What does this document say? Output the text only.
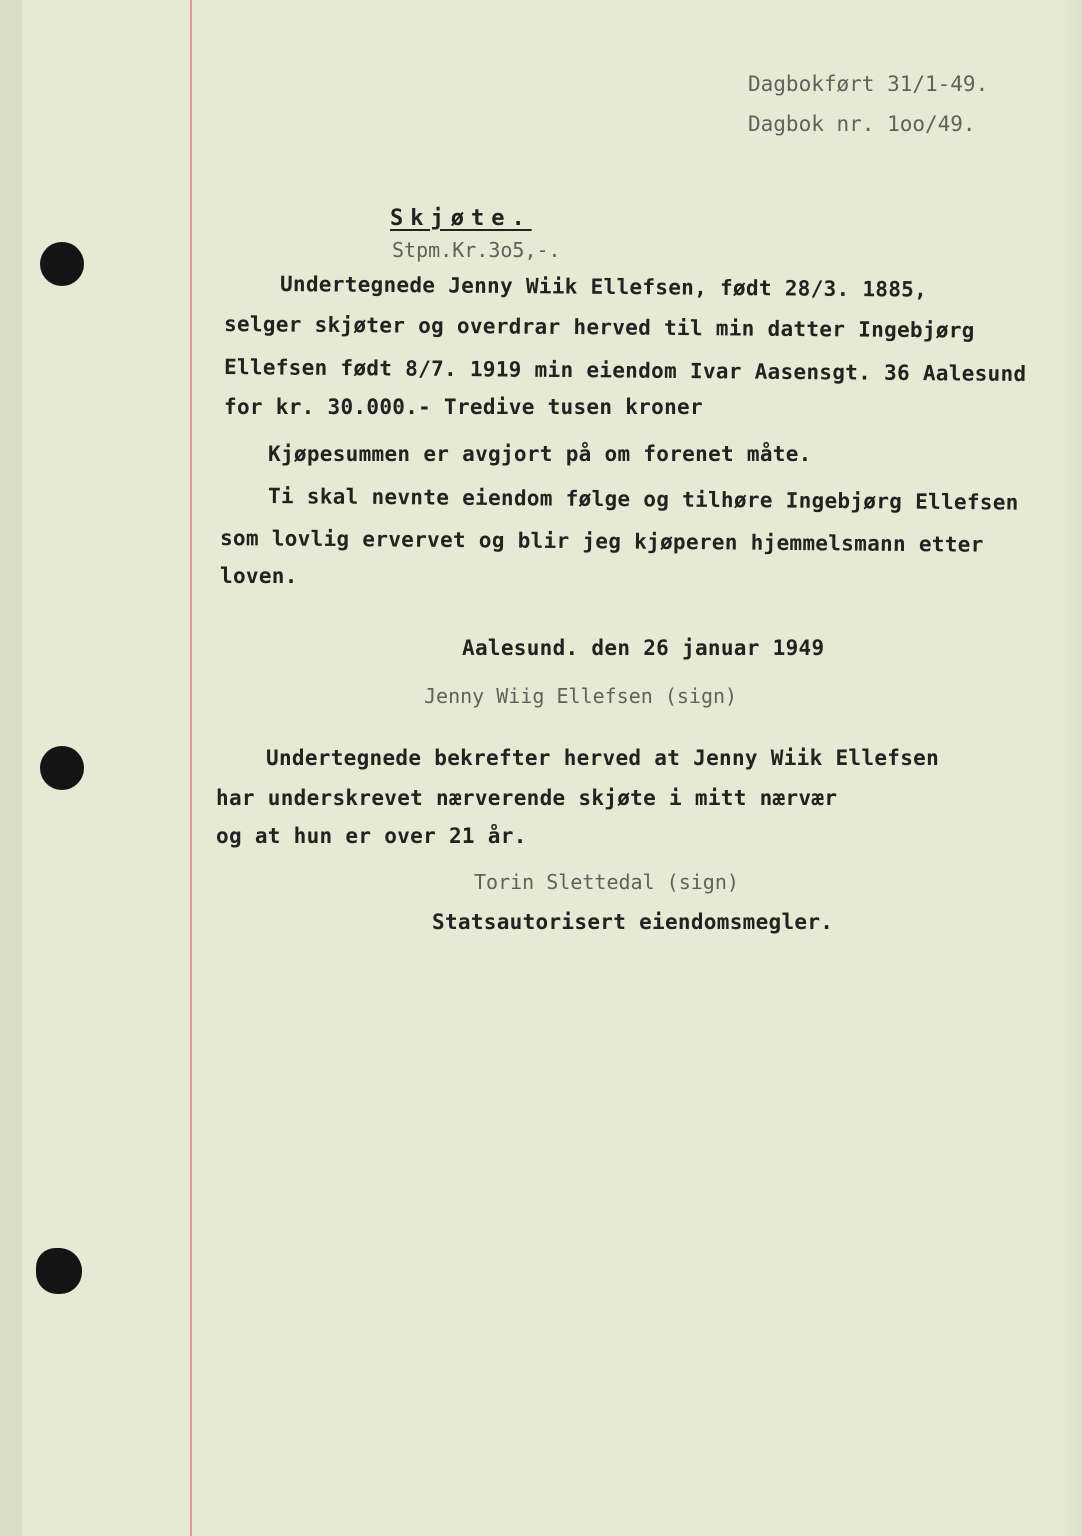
Dagbokført 31/1-49.
Dagbok nr. 1oo/49.
Skjøte.
Stpm.Kr.3o5,-.
Undertegnede Jenny Wiik Ellefsen, født 28/3. 1885,
selger skjøter og overdrar herved til min datter Ingebjørg
Ellefsen født 8/7. 1919 min eiendom Ivar Aasensgt. 36 Aalesund
for kr. 30.000.- Tredive tusen kroner
Kjøpesummen er avgjort på om forenet måte.
Ti skal nevnte eiendom følge og tilhøre Ingebjørg Ellefsen
som lovlig ervervet og blir jeg kjøperen hjemmelsmann etter
loven.
Aalesund. den 26 januar 1949
Jenny Wiig Ellefsen (sign)
Undertegnede bekrefter herved at Jenny Wiik Ellefsen
har underskrevet nærverende skjøte i mitt nærvær
og at hun er over 21 år.
Torin Slettedal (sign)
Statsautorisert eiendomsmegler.
